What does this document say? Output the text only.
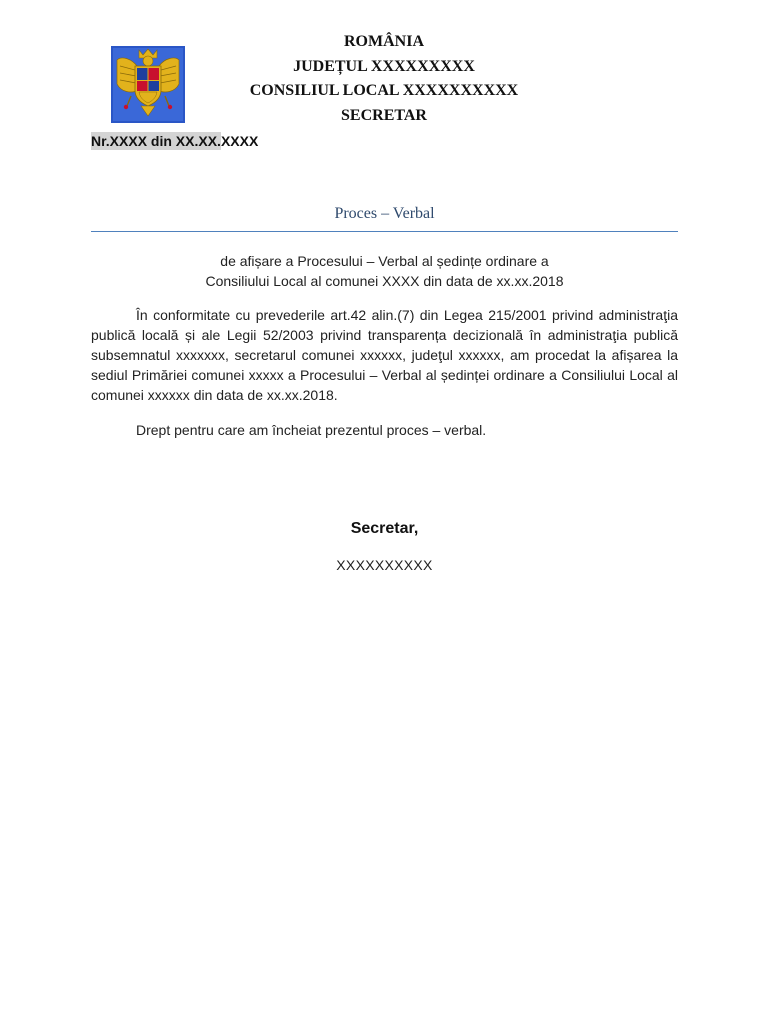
ROMÂNIA
JUDEȚUL XXXXXXXXX
CONSILIUL LOCAL XXXXXXXXXX
SECRETAR
Nr.XXXX din XX.XX.XXXX
Proces – Verbal
de afișare a Procesului – Verbal al ședințe ordinare a
Consiliului Local al comunei XXXX din data de xx.xx.2018
În conformitate cu prevederile art.42 alin.(7) din Legea 215/2001 privind administraţia publică locală și ale Legii 52/2003 privind transparența decizională în administraţia publică subsemnatul xxxxxxx, secretarul comunei xxxxxx, judeţul xxxxxx, am procedat la afișarea la sediul Primăriei comunei xxxxx a Procesului – Verbal al ședinței ordinare a Consiliului Local al comunei xxxxxx din data de xx.xx.2018.
Drept pentru care am încheiat prezentul proces – verbal.
Secretar,
XXXXXXXXXX
